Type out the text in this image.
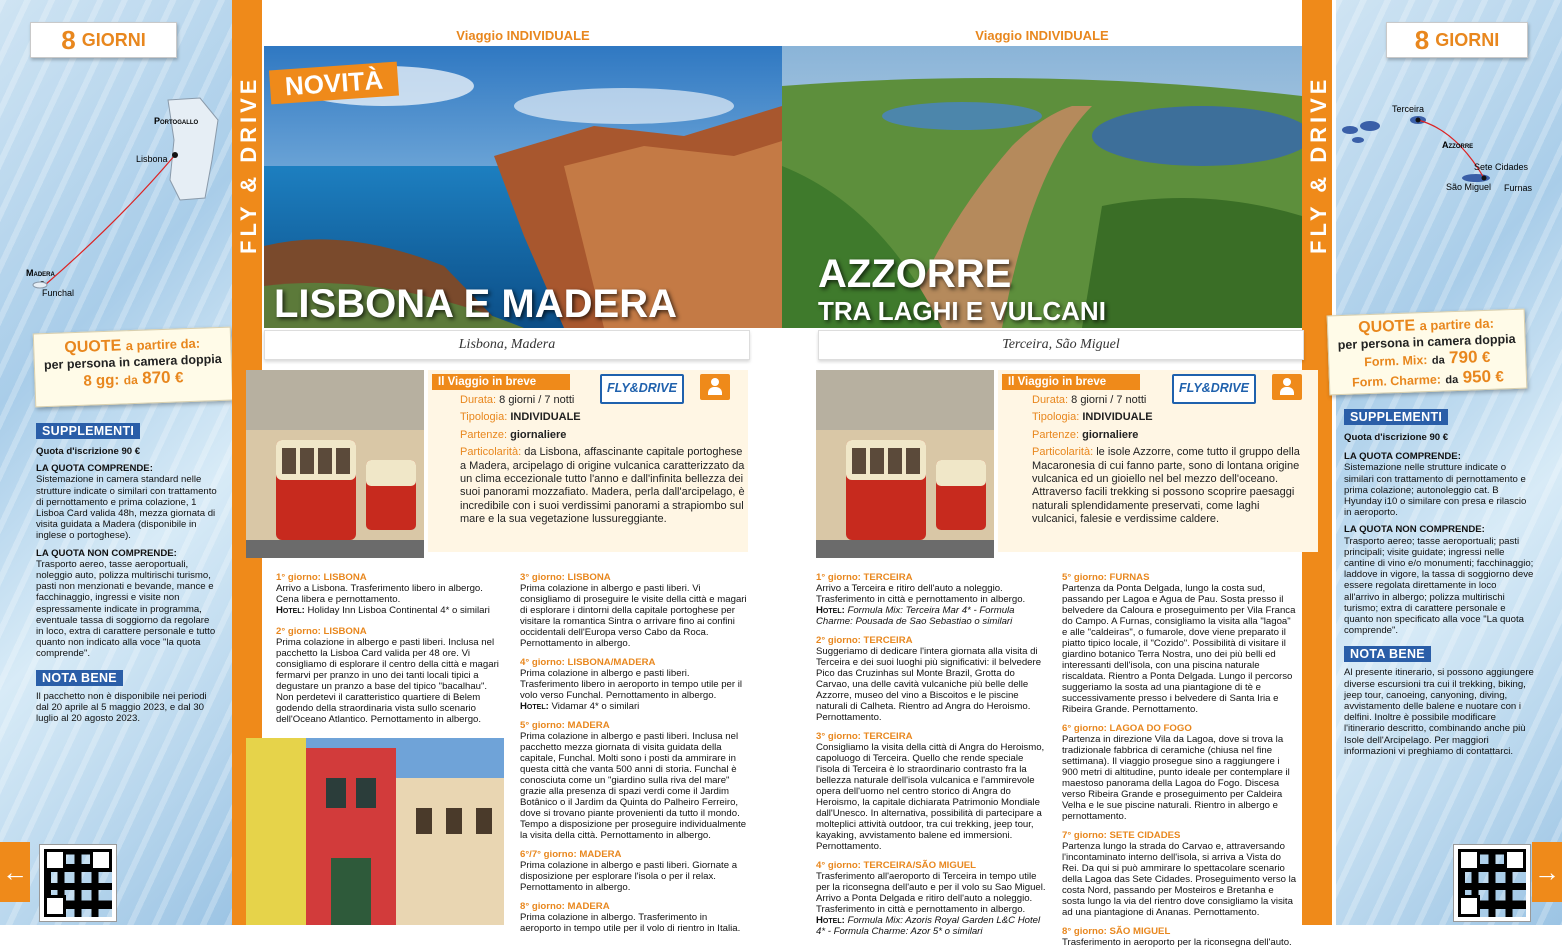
8 GIORNI
Portogallo
Lisbona
Madera
Funchal
QUOTE a partire da:
per persona in camera doppia
8 gg: da 870 €
SUPPLEMENTI
Quota d'iscrizione 90 €
LA QUOTA COMPRENDE:
Sistemazione in camera standard nelle strutture indicate o similari con trattamento di pernottamento e prima colazione, 1 Lisboa Card valida 48h, mezza giornata di visita guidata a Madera (disponibile in inglese o portoghese).
LA QUOTA NON COMPRENDE:
Trasporto aereo, tasse aeroportuali, noleggio auto, polizza multirischi turismo, pasti non menzionati e bevande, mance e facchinaggio, ingressi e visite non espressamente indicate in programma, eventuale tassa di soggiorno da regolare in loco, extra di carattere personale e tutto quanto non indicato alla voce "la quota comprende".
NOTA BENE
Il pacchetto non è disponibile nei periodi dal 20 aprile al 5 maggio 2023, e dal 30 luglio al 20 agosto 2023.
←
FLY & DRIVE	FLY & DRIVE
Viaggio INDIVIDUALE
NOVITÀ
LISBONA E MADERA
Lisbona, Madera
Il Viaggio in breve	FLY&DRIVE
Durata: 8 giorni / 7 notti
Tipologia: INDIVIDUALE
Partenze: giornaliere
Particolarità: da Lisbona, affascinante capitale portoghese a Madera, arcipelago di origine vulcanica caratterizzato da un clima eccezionale tutto l'anno e dall'infinita bellezza dei suoi panorami mozzafiato. Madera, perla dall'arcipelago, è incredibile con i suoi verdissimi panorami a strapiombo sul mare e la sua vegetazione lussureggiante.
1° giorno: LISBONA
Arrivo a Lisbona. Trasferimento libero in albergo. Cena libera e pernottamento.
Hotel: Holiday Inn Lisboa Continental 4* o similari
2° giorno: LISBONA
Prima colazione in albergo e pasti liberi. Inclusa nel pacchetto la Lisboa Card valida per 48 ore. Vi consigliamo di esplorare il centro della città e magari fermarvi per pranzo in uno dei tanti locali tipici a degustare un pranzo a base del tipico "bacalhau". Non perdetevi il caratteristico quartiere di Belem godendo della straordinaria vista sullo scenario dell'Oceano Atlantico. Pernottamento in albergo.
3° giorno: LISBONA
Prima colazione in albergo e pasti liberi. Vi consigliamo di proseguire le visite della città e magari di esplorare i dintorni della capitale portoghese per visitare la romantica Sintra o arrivare fino ai confini occidentali dell'Europa verso Cabo da Roca. Pernottamento in albergo.
4° giorno: LISBONA/MADERA
Prima colazione in albergo e pasti liberi. Trasferimento libero in aeroporto in tempo utile per il volo verso Funchal. Pernottamento in albergo.
Hotel: Vidamar 4* o similari
5° giorno: MADERA
Prima colazione in albergo e pasti liberi. Inclusa nel pacchetto mezza giornata di visita guidata della capitale, Funchal. Molti sono i posti da ammirare in questa città che vanta 500 anni di storia. Funchal è conosciuta come un "giardino sulla riva del mare" grazie alla presenza di spazi verdi come il Jardim Botânico o il Jardim da Quinta do Palheiro Ferreiro, dove si trovano piante provenienti da tutto il mondo. Tempo a disposizione per proseguire individualmente la visita della città. Pernottamento in albergo.
6°/7° giorno: MADERA
Prima colazione in albergo e pasti liberi. Giornate a disposizione per esplorare l'isola o per il relax. Pernottamento in albergo.
8° giorno: MADERA
Prima colazione in albergo. Trasferimento in aeroporto in tempo utile per il volo di rientro in Italia.
Viaggio INDIVIDUALE
AZZORRE
TRA LAGHI E VULCANI
Terceira, São Miguel
Il Viaggio in breve	FLY&DRIVE
Durata: 8 giorni / 7 notti
Tipologia: INDIVIDUALE
Partenze: giornaliere
Particolarità: le isole Azzorre, come tutto il gruppo della Macaronesia di cui fanno parte, sono di lontana origine vulcanica ed un gioiello nel bel mezzo dell'oceano. Attraverso facili trekking si possono scoprire paesaggi naturali splendidamente preservati, come laghi vulcanici, falesie e verdissime caldere.
1° giorno: TERCEIRA
Arrivo a Terceira e ritiro dell'auto a noleggio. Trasferimento in città e pernottamento in albergo.
Hotel: Formula Mix: Terceira Mar 4* - Formula Charme: Pousada de Sao Sebastiao o similari
2° giorno: TERCEIRA
Suggeriamo di dedicare l'intera giornata alla visita di Terceira e dei suoi luoghi più significativi: il belvedere Pico das Cruzinhas sul Monte Brazil, Grotta do Carvao, una delle cavità vulcaniche più belle delle Azzorre, museo del vino a Biscoitos e le piscine naturali di Calheta. Rientro ad Angra do Heroismo. Pernottamento.
3° giorno: TERCEIRA
Consigliamo la visita della città di Angra do Heroismo, capoluogo di Terceira. Quello che rende speciale l'isola di Terceira è lo straordinario contrasto fra la bellezza naturale dell'isola vulcanica e l'ammirevole opera dell'uomo nel centro storico di Angra do Heroismo, la capitale dichiarata Patrimonio Mondiale dall'Unesco. In alternativa, possibilità di partecipare a molteplici attività outdoor, tra cui trekking, jeep tour, kayaking, avvistamento balene ed immersioni. Pernottamento.
4° giorno: TERCEIRA/SÃO MIGUEL
Trasferimento all'aeroporto di Terceira in tempo utile per la riconsegna dell'auto e per il volo su Sao Miguel. Arrivo a Ponta Delgada e ritiro dell'auto a noleggio. Trasferimento in città e pernottamento in albergo.
Hotel: Formula Mix: Azoris Royal Garden L&C Hotel 4* - Formula Charme: Azor 5* o similari
5° giorno: FURNAS
Partenza da Ponta Delgada, lungo la costa sud, passando per Lagoa e Agua de Pau. Sosta presso il belvedere da Caloura e proseguimento per Vila Franca do Campo. A Furnas, consigliamo la visita alla "lagoa" e alle "caldeiras", o fumarole, dove viene preparato il piatto tipico locale, il "Cozido". Possibilità di visitare il giardino botanico Terra Nostra, uno dei più belli ed interessanti dell'isola, con una piscina naturale riscaldata. Rientro a Ponta Delgada. Lungo il percorso suggeriamo la sosta ad una piantagione di tè e successivamente presso i belvedere di Santa Iria e Ribeira Grande. Pernottamento.
6° giorno: LAGOA DO FOGO
Partenza in direzione Vila da Lagoa, dove si trova la tradizionale fabbrica di ceramiche (chiusa nel fine settimana). Il viaggio prosegue sino a raggiungere i 900 metri di altitudine, punto ideale per contemplare il maestoso panorama della Lagoa do Fogo. Discesa verso Ribeira Grande e proseguimento per Caldeira Velha e le sue piscine naturali. Rientro in albergo e pernottamento.
7° giorno: SETE CIDADES
Partenza lungo la strada do Carvao e, attraversando l'incontaminato interno dell'isola, si arriva a Vista do Rei. Da qui si può ammirare lo spettacolare scenario della Lagoa das Sete Cidades. Proseguimento verso la costa Nord, passando per Mosteiros e Bretanha e sosta lungo la via del rientro dove consigliamo la visita ad una piantagione di Ananas. Pernottamento.
8° giorno: SÃO MIGUEL
Trasferimento in aeroporto per la riconsegna dell'auto.
8 GIORNI
Terceira
Azzorre
Sete Cidades
São Miguel Furnas
QUOTE a partire da:
per persona in camera doppia
Form. Mix: da 790 €
Form. Charme: da 950 €
SUPPLEMENTI
Quota d'iscrizione 90 €
LA QUOTA COMPRENDE:
Sistemazione nelle strutture indicate o similari con trattamento di pernottamento e prima colazione; autonoleggio cat. B Hyunday i10 o similare con presa e rilascio in aeroporto.
LA QUOTA NON COMPRENDE:
Trasporto aereo; tasse aeroportuali; pasti principali; visite guidate; ingressi nelle cantine di vino e/o monumenti; facchinaggio; laddove in vigore, la tassa di soggiorno deve essere regolata direttamente in loco all'arrivo in albergo; polizza multirischi turismo; extra di carattere personale e quanto non specificato alla voce "La quota comprende".
NOTA BENE
Al presente itinerario, si possono aggiungere diverse escursioni tra cui il trekking, biking, jeep tour, canoeing, canyoning, diving, avvistamento delle balene e nuotare con i delfini. Inoltre è possibile modificare l'itinerario descritto, combinando anche più Isole dell'Arcipelago. Per maggiori informazioni vi preghiamo di contattarci.
→
